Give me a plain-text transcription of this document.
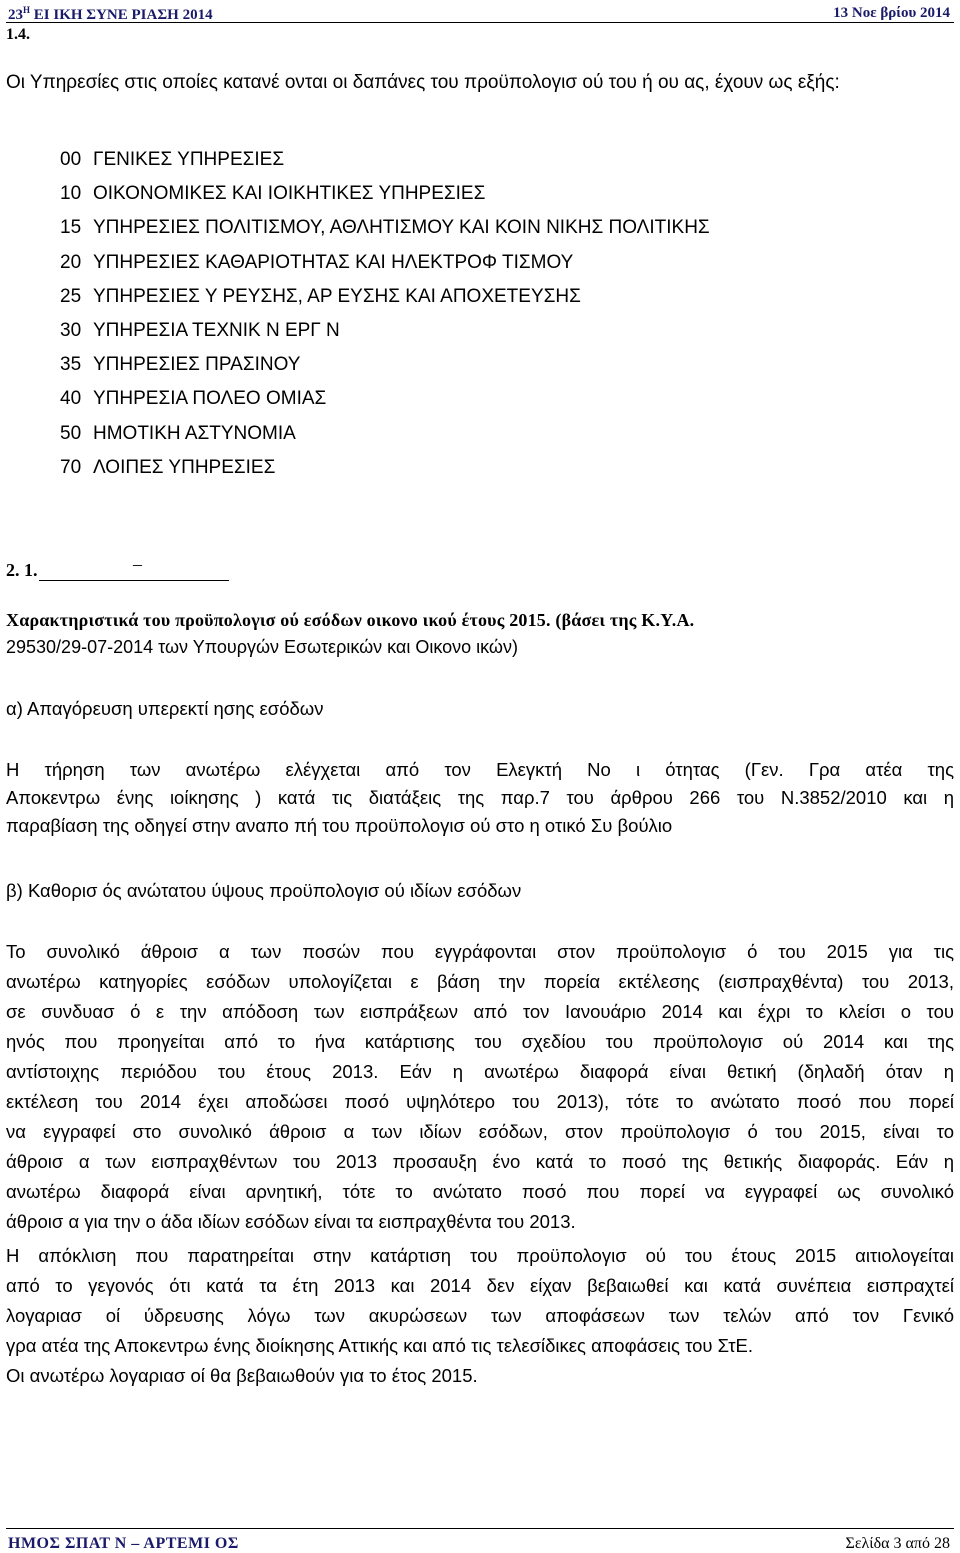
$23^H$ ΕΙ ΙΚΗ ΣΥΝΕ ΡΙΑΣΗ 2014	13 Νοε βρίου 2014
1.4.
Οι Υπηρεσίες στις οποίες κατανέ ονται οι δαπάνες του προϋπολογισ ού του ή ου ας, έχουν ως εξής:
00 ΓΕΝΙΚΕΣ ΥΠΗΡΕΣΙΕΣ
10 ΟΙΚΟΝΟΜΙΚΕΣ ΚΑΙ ΙΟΙΚΗΤΙΚΕΣ ΥΠΗΡΕΣΙΕΣ
15 ΥΠΗΡΕΣΙΕΣ ΠΟΛΙΤΙΣΜΟΥ, ΑΘΛΗΤΙΣΜΟΥ ΚΑΙ ΚΟΙΝ ΝΙΚΗΣ ΠΟΛΙΤΙΚΗΣ
20 ΥΠΗΡΕΣΙΕΣ ΚΑΘΑΡΙΟΤΗΤΑΣ ΚΑΙ ΗΛΕΚΤΡΟΦ ΤΙΣΜΟΥ
25 ΥΠΗΡΕΣΙΕΣ Υ ΡΕΥΣΗΣ, ΑΡ ΕΥΣΗΣ ΚΑΙ ΑΠΟΧΕΤΕΥΣΗΣ
30 ΥΠΗΡΕΣΙΑ ΤΕΧΝΙΚ Ν ΕΡΓ Ν
35 ΥΠΗΡΕΣΙΕΣ ΠΡΑΣΙΝΟΥ
40 ΥΠΗΡΕΣΙΑ ΠΟΛΕΟ ΟΜΙΑΣ
50 ΗΜΟΤΙΚΗ ΑΣΤΥΝΟΜΙΑ
70 ΛΟΙΠΕΣ ΥΠΗΡΕΣΙΕΣ
2. 1.	–
Χαρακτηριστικά του προϋπολογισ ού εσόδων οικονο ικού έτους 2015. (βάσει της Κ.Υ.Α.
29530/29-07-2014 των Υπουργών Εσωτερικών και Οικονο ικών)
α) Απαγόρευση υπερεκτί ησης εσόδων
Η τήρηση των ανωτέρω ελέγχεται από τον Ελεγκτή Νο ι ότητας (Γεν. Γρα ατέα της
Αποκεντρω ένης ιοίκησης ) κατά τις διατάξεις της παρ.7 του άρθρου 266 του Ν.3852/2010 και η
παραβίαση της οδηγεί στην αναπο πή του προϋπολογισ ού στο η οτικό Συ βούλιο
β) Καθορισ ός ανώτατου ύψους προϋπολογισ ού ιδίων εσόδων
Το συνολικό άθροισ α των ποσών που εγγράφονται στον προϋπολογισ ό του 2015 για τις
ανωτέρω κατηγορίες εσόδων υπολογίζεται ε βάση την πορεία εκτέλεσης (εισπραχθέντα) του 2013,
σε συνδυασ ό ε την απόδοση των εισπράξεων από τον Ιανουάριο 2014 και έχρι το κλείσι ο του
ηνός που προηγείται από το ήνα κατάρτισης του σχεδίου του προϋπολογισ ού 2014 και της
αντίστοιχης περιόδου του έτους 2013. Εάν η ανωτέρω διαφορά είναι θετική (δηλαδή όταν η
εκτέλεση του 2014 έχει αποδώσει ποσό υψηλότερο του 2013), τότε το ανώτατο ποσό που πορεί
να εγγραφεί στο συνολικό άθροισ α των ιδίων εσόδων, στον προϋπολογισ ό του 2015, είναι το
άθροισ α των εισπραχθέντων του 2013 προσαυξη ένο κατά το ποσό της θετικής διαφοράς. Εάν η
ανωτέρω διαφορά είναι αρνητική, τότε το ανώτατο ποσό που πορεί να εγγραφεί ως συνολικό
άθροισ α για την ο άδα ιδίων εσόδων είναι τα εισπραχθέντα του 2013.
Η απόκλιση που παρατηρείται στην κατάρτιση του προϋπολογισ ού του έτους 2015 αιτιολογείται
από το γεγονός ότι κατά τα έτη 2013 και 2014 δεν είχαν βεβαιωθεί και κατά συνέπεια εισπραχτεί
λογαριασ οί ύδρευσης λόγω των ακυρώσεων των αποφάσεων των τελών από τον Γενικό
γρα ατέα της Αποκεντρω ένης διοίκησης Αττικής και από τις τελεσίδικες αποφάσεις του ΣτΕ.
Οι ανωτέρω λογαριασ οί θα βεβαιωθούν για το έτος 2015.
ΗΜΟΣ ΣΠΑΤ Ν – ΑΡΤΕΜΙ ΟΣ	Σελίδα 3 από 28
